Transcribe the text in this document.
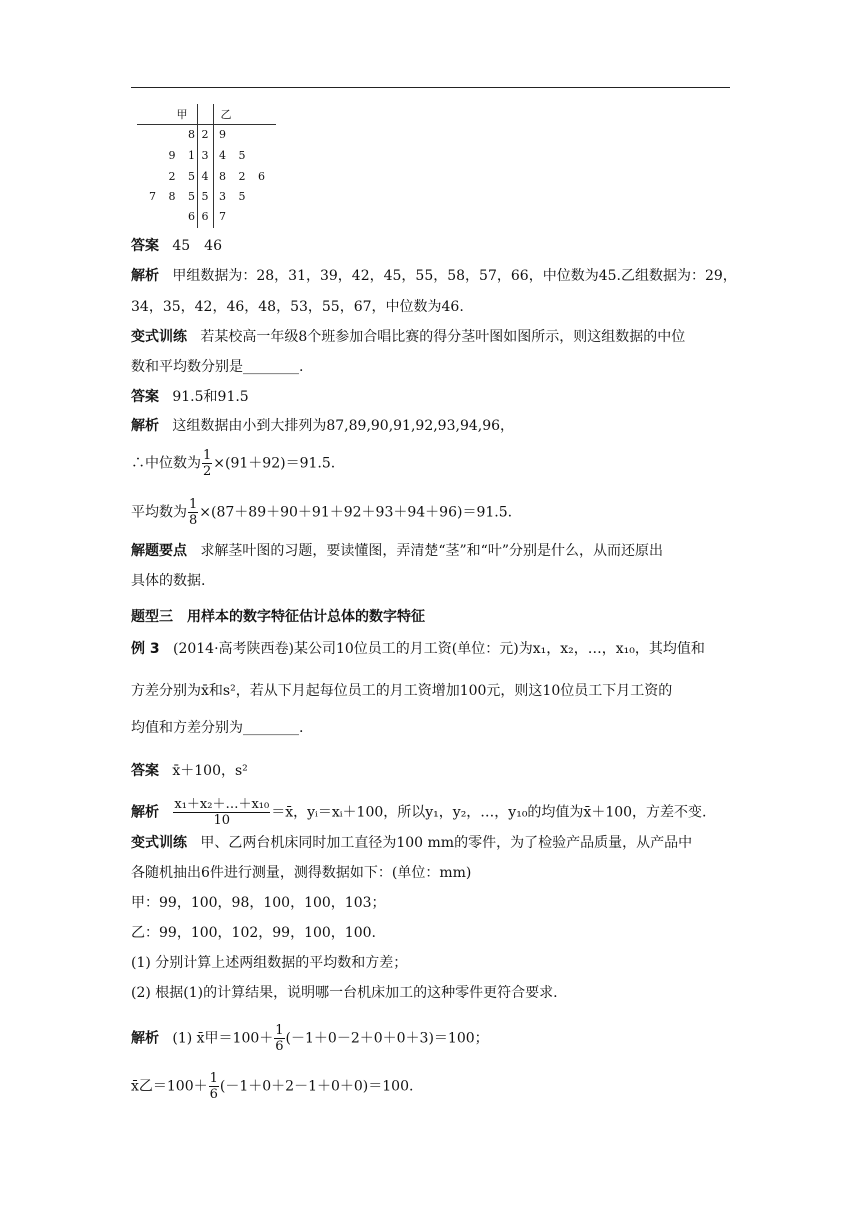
甲	乙
8 2 9
9 1 3 4 5
2 5 4 8 2 6
7 8 5 5 3 5
6 6 7
答案 45　46
解析 甲组数据为：28，31，39，42，45，55，58，57，66，中位数为45.乙组数据为：29，
34，35，42，46，48，53，55，67，中位数为46.
变式训练 若某校高一年级8个班参加合唱比赛的得分茎叶图如图所示，则这组数据的中位
数和平均数分别是________.
答案 91.5和91.5
解析 这组数据由小到大排列为87,89,90,91,92,93,94,96，
∴中位数为 $\frac{1}{2} \times(91+92)=91.5$.
平均数为 $\frac{1}{8} \times(87+89+90+91+92+93+94+96)=91.5$.
解题要点 求解茎叶图的习题，要读懂图，弄清楚“茎”和“叶”分别是什么，从而还原出
具体的数据.
题型三　用样本的数字特征估计总体的数字特征
例 3 (2014·高考陕西卷)某公司10位员工的月工资(单位：元)为x₁，x₂，…，x₁₀，其均值和
方差分别为x̄和s²，若从下月起每位员工的月工资增加100元，则这10位员工下月工资的
均值和方差分别为________.
答案 x̄＋100，s²
解析 $\frac{\text{x₁＋x₂＋…＋x₁₀}}{10}$ ＝x̄，yᵢ＝xᵢ＋100，所以y₁，y₂，…，y₁₀的均值为x̄＋100，方差不变.
变式训练 甲、乙两台机床同时加工直径为100 mm的零件，为了检验产品质量，从产品中
各随机抽出6件进行测量，测得数据如下：(单位：mm)
甲：99，100，98，100，100，103；
乙：99，100，102，99，100，100.
(1) 分别计算上述两组数据的平均数和方差；
(2) 根据(1)的计算结果，说明哪一台机床加工的这种零件更符合要求.
解析 (1) x̄甲$=100+ \frac{1}{6} (-1+0-2+0+0+3)=100$；
x̄乙$=100+ \frac{1}{6} (-1+0+2-1+0+0)=100$.
